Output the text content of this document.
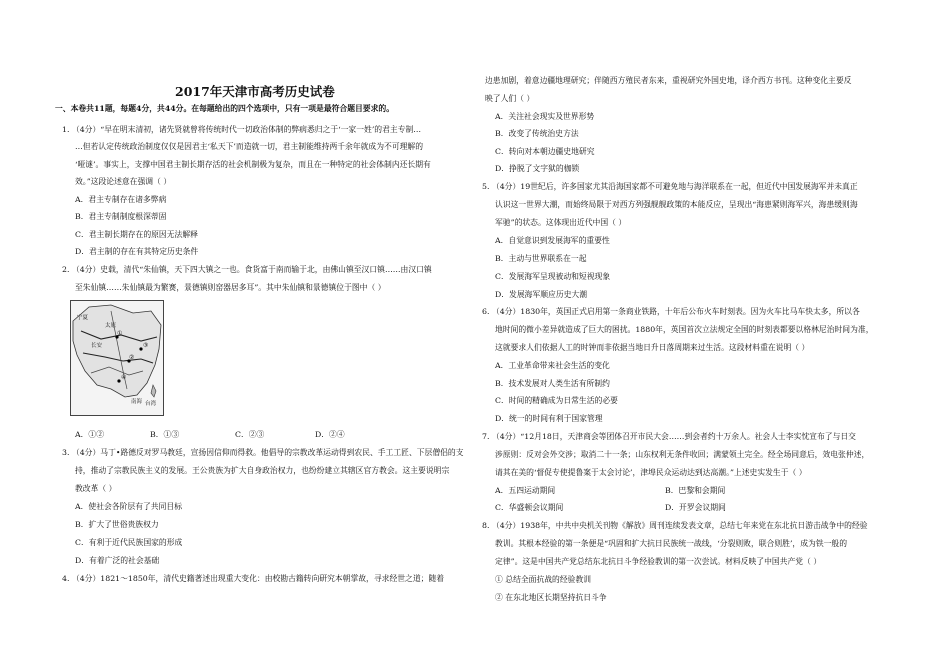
2017年天津市高考历史试卷
一、本卷共11题，每题4分，共44分。在每题给出的四个选项中，只有一项是最符合题目要求的。
1. （4分）“早在明末清初，诸先贤就曾将传统时代一切政治体制的弊病悉归之于‘一家一姓’的君主专制…
…但若认定传统政治制度仅仅是因君主‘私天下’而造就一切，君主制能维持两千余年就成为不可理解的
‘哑谜’。事实上，支撑中国君主制长期存活的社会机制极为复杂，而且在一种特定的社会体制内还长期有
效。”这段论述意在强调（ ）
A．君主专制存在诸多弊病
B．君主专制制度根深蒂固
C．君主制长期存在的原因无法解释
D．君主制的存在有其特定历史条件
2. （4分）史载，清代“朱仙镇，天下四大镇之一也。食货富于南而输于北，由佛山镇至汉口镇……由汉口镇
至朱仙镇……朱仙镇最为繁赛，景德镇则窑器居多耳”。其中朱仙镇和景德镇位于图中（ ）
宁夏
太原
长安
南海 台湾
①
②
③
④
A．①②	B．①③	C．②③	D．②④
3. （4分）马丁•路德反对罗马教廷，宣扬因信仰而得救。他倡导的宗教改革运动得到农民、手工工匠、下层僧侣的支
持，推动了宗教民族主义的发展。王公贵族为扩大自身政治权力，也纷纷建立其辖区官方教会。这主要说明宗
教改革（ ）
A．使社会各阶层有了共同目标
B．扩大了世俗贵族权力
C．有利于近代民族国家的形成
D．有着广泛的社会基础
4. （4分）1821～1850年，清代史籍著述出现重大变化：由校勘古籍转向研究本朝掌故，寻求经世之道；随着
边患加剧，着意边疆地理研究；伴随西方殖民者东来，重视研究外国史地，译介西方书刊。这种变化主要反
映了人们（ ）
A．关注社会现实及世界形势
B．改变了传统治史方法
C．转向对本朝边疆史地研究
D．挣脱了文字狱的枷锁
5. （4分）19世纪后，许多国家尤其沿海国家都不可避免地与海洋联系在一起，但近代中国发展海军并未真正
认识这一世界大潮，而始终局限于对西方列强舰舰政策的本能反应，呈现出“海患紧则海军兴，海患缓则海
军驰”的状态。这体现出近代中国（ ）
A．自觉意识到发展海军的重要性
B．主动与世界联系在一起
C．发展海军呈现被动和短视现象
D．发展海军顺应历史大潮
6. （4分）1830年，英国正式启用第一条商业铁路，十年后公布火车时刻表。因为火车比马车快太多，所以各
地时间的微小差异就造成了巨大的困扰。1880年，英国首次立法规定全国的时刻表都要以格林尼治时间为准，
这就要求人们依据人工的时钟而非依据当地日升日落周期来过生活。这段材料重在说明（ ）
A．工业革命带来社会生活的变化
B．技术发展对人类生活有所制约
C．时间的精确成为日常生活的必要
D．统一的时间有利于国家管理
7. （4分）“12月18日，天津商会等团体召开市民大会……到会者约十万余人。社会人士李实忱宣布了与日交
涉原则：反对会外交涉；取消二十一条；山东权利无条件收回；满蒙领土完全。经全场同意后，效电张仲述，
请其在美的‘督促专使提鲁案于太会讨论’，津埠民众运动达到达高潮。”上述史实发生于（ ）
A．五四运动期间	B．巴黎和会期间
C．华盛顿会议期间	D．开罗会议期间
8. （4分）1938年，中共中央机关刊物《解放》周刊连续发表文章，总结七年来党在东北抗日游击战争中的经验
教训。其根本经验的第一条便是“巩固和扩大抗日民族统一战线，‘分裂则败，联合则胜’，成为铁一般的
定律”。这是中国共产党总结东北抗日斗争经验教训的第一次尝试。材料反映了中国共产党（ ）
① 总结全面抗战的经验教训
② 在东北地区长期坚持抗日斗争
